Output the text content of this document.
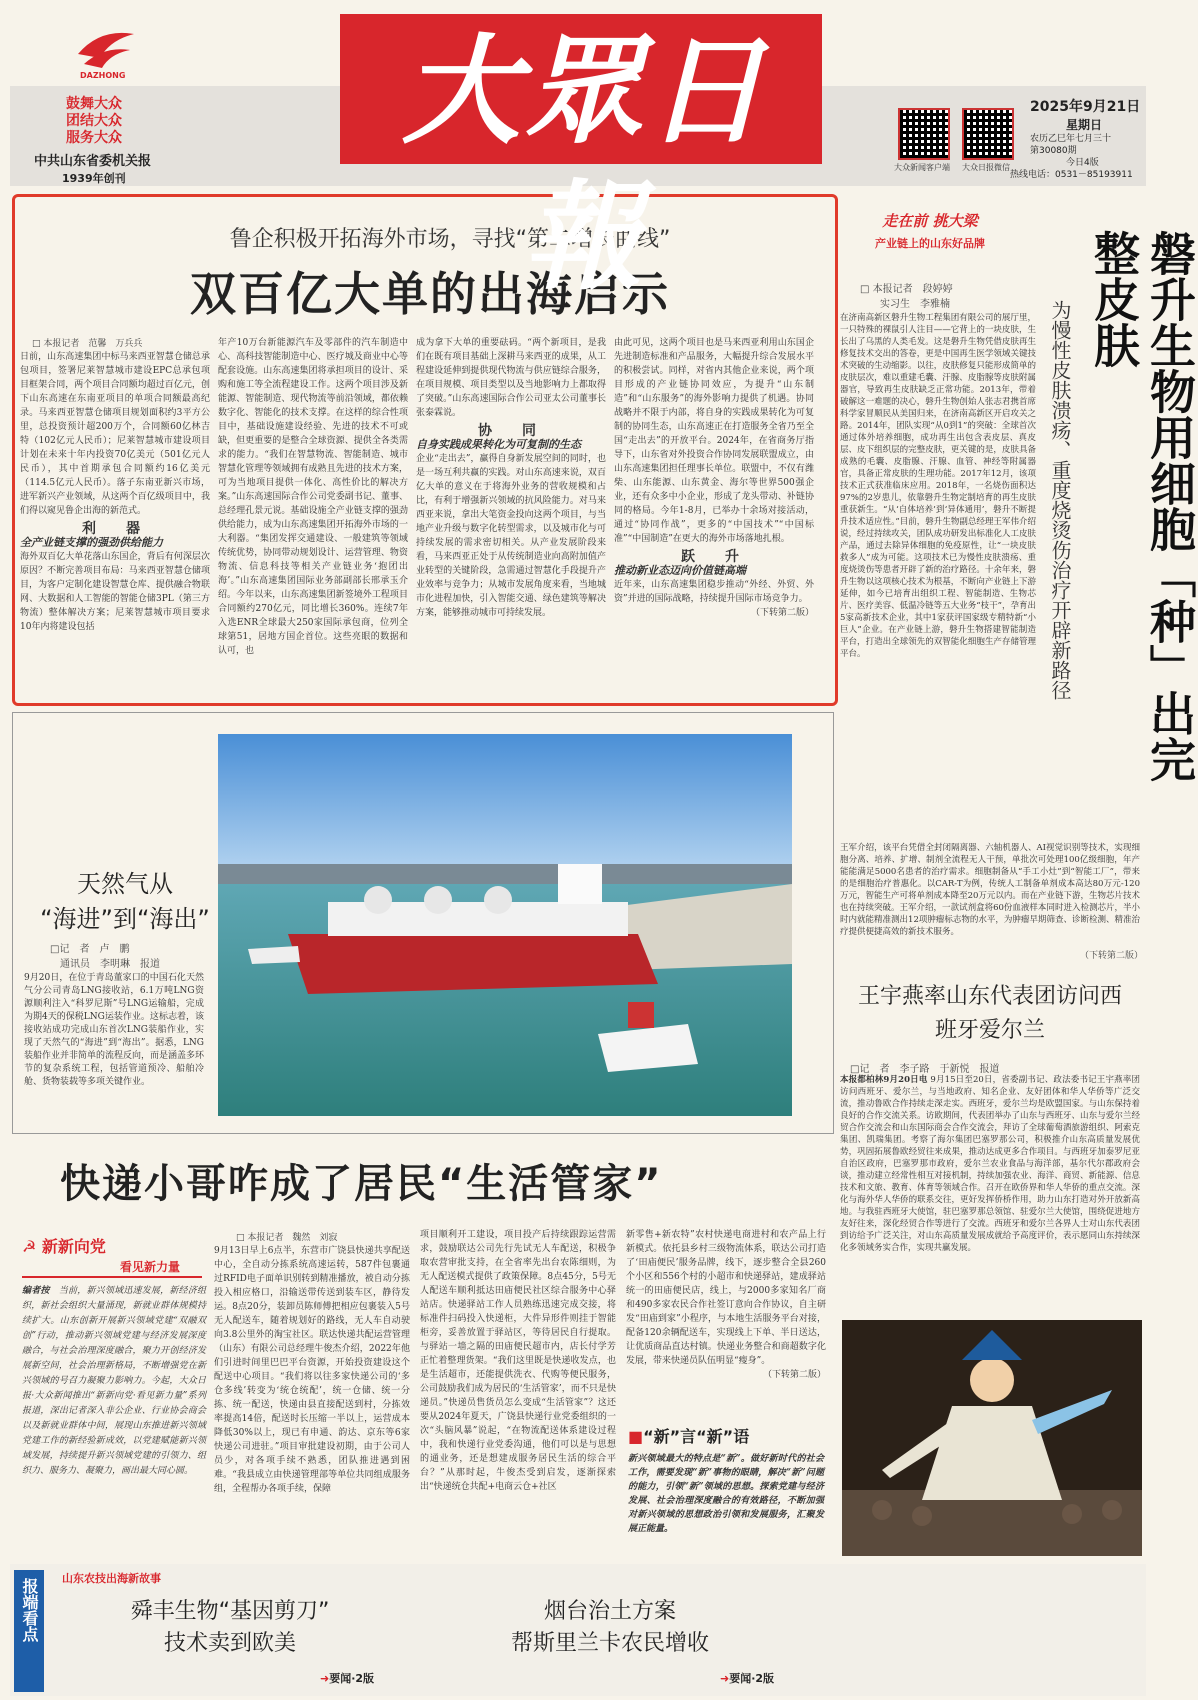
DAZHONG
鼓舞大众
团结大众
服务大众
中共山东省委机关报
1939年创刊
大眾日報	大众新闻客户端	大众日报微信
2025年9月21日
星期日
农历乙巳年七月三十
第30080期
今日4版
热线电话：0531－85193911
鲁企积极开拓海外市场，寻找“第二增长曲线”
双百亿大单的出海启示
□ 本报记者　范馨　万兵兵
日前，山东高速集团中标马来西亚智慧仓储总承包项目，签署尼莱智慧城市建设EPC总承包项目框架合同，两个项目合同额均超过百亿元，创下山东高速在东南亚项目的单项合同额最高纪录。马来西亚智慧仓储项目规划面积约3平方公里，总投资预计超200万个，合同额60亿林吉特（102亿元人民币）；尼莱智慧城市建设项目计划在未来十年内投资70亿美元（501亿元人民币），其中首期承包合同额约16亿美元（114.5亿元人民币）。落子东南亚新兴市场，进军新兴产业领域，从这两个百亿级项目中，我们得以窥见鲁企出海的新范式。
利　器
全产业链支撑的强劲供给能力
海外双百亿大单花落山东国企，背后有何深层次原因？不断完善项目布局：马来西亚智慧仓储项目，为客户定制化建设智慧仓库、提供融合物联网、大数据和人工智能的智能仓储3PL（第三方物流）整体解决方案；尼莱智慧城市项目要求10年内将建设包括
年产10万台新能源汽车及零部件的汽车制造中心、高科技智能制造中心、医疗城及商业中心等配套设施。山东高速集团将承担项目的设计、采购和施工等全流程建设工作。这两个项目涉及新能源、智能制造、现代物流等前沿领域，都依赖数字化、智能化的技术支撑。在这样的综合性项目中，基础设施建设经验、先进的技术不可或缺，但更重要的是整合全球资源、提供全各类需求的能力。“我们在智慧物流、智能制造、城市智慧化管理等领域拥有成熟且先进的技术方案，可为当地项目提供一体化、高性价比的解决方案。”山东高速国际合作公司党委副书记、董事、总经理孔景元说。基础设施全产业链支撑的强劲供给能力，成为山东高速集团开拓海外市场的一大利器。“集团发挥交通建设、一般建筑等领域传统优势，协同带动规划设计、运营管理、物资物流、信息科技等相关产业链业务‘抱团出海’。”山东高速集团国际业务部副部长邢承玉介绍。今年以来，山东高速集团新签境外工程项目合同额约270亿元，同比增长360%。连续7年入选ENR全球最大250家国际承包商，位列全球第51，居地方国企首位。这些亮眼的数据和认可，也
成为拿下大单的重要砝码。“两个新项目，是我们在既有项目基础上深耕马来西亚的成果，从工程建设延伸到提供现代物流与供应链综合服务，在项目规模、项目类型以及当地影响力上都取得了突破。”山东高速国际合作公司亚太公司董事长张泰霖说。
协　同
自身实践成果转化为可复制的生态
企业“走出去”，赢得自身新发展空间的同时，也是一场互利共赢的实践。对山东高速来说，双百亿大单的意义在于将海外业务的营收规模和占比，有利于增强新兴领域的抗风险能力。对马来西亚来说，拿出大笔资金投向这两个项目，与当地产业升级与数字化转型需求，以及城市化与可持续发展的需求密切相关。从产业发展阶段来看，马来西亚正处于从传统制造业向高附加值产业转型的关键阶段，急需通过智慧化手段提升产业效率与竞争力；从城市发展角度来看，当地城市化进程加快，引入智能交通、绿色建筑等解决方案，能够推动城市可持续发展。
由此可见，这两个项目也是马来西亚利用山东国企先进制造标准和产品服务，大幅提升综合发展水平的积极尝试。同样，对省内其他企业来说，两个项目形成的产业链协同效应，为提升“山东制造”和“山东服务”的海外影响力提供了机遇。协同战略并不限于内部，将自身的实践成果转化为可复制的协同生态，山东高速正在打造服务全省乃至全国“走出去”的开放平台。2024年，在省商务厅指导下，山东省对外投资合作协同发展联盟成立，由山东高速集团担任理事长单位。联盟中，不仅有潍柴、山东能源、山东黄金、海尔等世界500强企业，还有众多中小企业，形成了龙头带动、补链协同的格局。今年1-8月，已举办十余场对接活动，通过“协同作战”，更多的“中国技术”“中国标准”“中国制造”在更大的海外市场落地扎根。
跃　升
推动新业态迈向价值链高端
近年来，山东高速集团稳步推动“外经、外贸、外资”并进的国际战略，持续提升国际市场竞争力。
（下转第二版）
走在前 挑大梁
产业链上的山东好品牌
□ 本报记者　段婷婷
　　实习生　李雅楠	磐升生物用细胞「种」出完整皮肤
为慢性皮肤溃疡、重度烧烫伤治疗开辟新路径
在济南高新区磐升生物工程集团有限公司的展厅里，一只特殊的裸鼠引人注目——它背上的一块皮肤，生长出了乌黑的人类毛发。这是磐升生物凭借皮肤再生修复技术交出的答卷，更是中国再生医学领域关键技术突破的生动缩影。以往，皮肤修复只能形成简单的皮肤层次，难以重建毛囊、汗腺、皮脂腺等皮肤附属器官，导致再生皮肤缺乏正常功能。2013年，带着破解这一难题的决心，磐升生物创始人张志君携首席科学家冒顺民从美国归来，在济南高新区开启攻关之路。2014年，团队实现“从0到1”的突破：全球首次通过体外培养细胞，成功再生出包含表皮层、真皮层、皮下组织层的完整皮肤，更关键的是，皮肤具备成熟的毛囊、皮脂腺、汗腺、血管、神经等附属器官，具备正常皮肤的生理功能。2017年12月，该项技术正式获准临床应用。2018年，一名烧伤面积达97%的2岁患儿，依靠磐升生物定制培育的再生皮肤重获新生。“从‘自体培养’到‘异体通用’，磐升不断提升技术适应性。”目前，磐升生物副总经理王军伟介绍说，经过持续攻关，团队成功研发出标准化人工皮肤产品，通过去除异体细胞的免疫原性，让“一块皮肤救多人”成为可能。这项技术已为慢性皮肤溃疡、重度烧烫伤等患者开辟了新的治疗路径。十余年来，磐升生物以这项核心技术为根基，不断向产业链上下游延伸，如今已培育出组织工程、智能制造、生物芯片、医疗美容、低温冷链等五大业务“枝干”，孕育出5家高新技术企业，其中1家获评国家级专精特新“小巨人”企业。在产业链上游，磐升生物搭建智能制造平台，打造出全球领先的双智能化细胞生产存储管理平台。
王军介绍，该平台凭借全封闭隔离器、六轴机器人、AI视觉识别等技术，实现细胞分离、培养、扩增、制剂全流程无人干预，单批次可处理100亿级细胞，年产能能满足5000名患者的治疗需求。细胞制备从“手工小灶”到“智能工厂”，带来的是细胞治疗普惠化。以CAR-T为例，传统人工制备单剂成本高达80万元-120万元，智能生产可将单剂成本降至20万元以内。而在产业链下游，生物芯片技术也在持续突破。王军介绍，一款试剂盒将60份血液样本同时进入检测芯片，半小时内就能精准测出12项肿瘤标志物的水平，为肿瘤早期筛查、诊断检测、精准治疗提供便捷高效的新技术服务。
（下转第二版）
天然气从
“海进”到“海出”
□记　者　卢　鹏
　通讯员　李明琳　报道
9月20日，在位于青岛董家口的中国石化天然气分公司青岛LNG接收站，6.1万吨LNG资源顺利注入“科罗尼斯”号LNG运输船，完成为期4天的保税LNG运装作业。这标志着，该接收站成功完成山东首次LNG装船作业，实现了天然气的“海进”到“海出”。据悉，LNG装船作业并非简单的流程反向，而是涵盖多环节的复杂系统工程，包括管道预冷、船舶冷舱、货物装载等多项关键作业。
王宇燕率山东代表团访问西班牙爱尔兰
□记　者　李子路　于新悦　报道
本报都柏林9月20日电 9月15日至20日，省委副书记、政法委书记王宇燕率团访问西班牙、爱尔兰，与当地政府、知名企业、友好团体和华人华侨等广泛交流，推动鲁欧合作持续走深走实。西班牙，爱尔兰均是欧盟国家。与山东保持着良好的合作交流关系。访欧期间，代表团举办了山东与西班牙、山东与爱尔兰经贸合作交流会和山东国际商会合作交流会，拜访了全球葡萄酒旅游组织、阿索克集团、凯瑞集团。考察了海尔集团巴塞罗那公司，积极推介山东高质量发展优势，巩固拓展鲁欧经贸往来成果，推动达成更多合作项目。与西班牙加泰罗尼亚自治区政府，巴塞罗那市政府，爱尔兰农业食品与海洋部，基尔代尔郡政府会谈，推动建立经常性相互对接机制，持续加强农业、海洋、商贸、新能源、信息技术和文旅、教育、体育等领域合作。召开在欧侨界和华人华侨的重点交流。深化与海外华人华侨的联系交往，更好发挥侨桥作用，助力山东打造对外开放新高地。与我驻西班牙大使馆，驻巴塞罗那总领馆、驻爱尔兰大使馆，围绕促进地方友好往来，深化经贸合作等进行了交流。西班牙和爱尔兰各界人士对山东代表团到访给予广泛关注，对山东高质量发展成就给予高度评价，表示愿同山东持续深化多领域务实合作，实现共赢发展。
快递小哥咋成了居民“生活管家”
□ 本报记者　魏然　刘寂
9月13日早上6点半，东营市广饶县快递共享配送中心，全自动分拣系统高速运转，587件包裹通过RFID电子面单识别转到精准播放，被自动分拣投入相应格口，沿输送带传送到装车区，静待发运。8点20分，装卸员陈师傅把相应包裹装入5号无人配送车，随着规划好的路线，无人车自动驶向3.8公里外的淘宝社区。联达快递共配运营管理（山东）有限公司总经理牛俊杰介绍，2022年他们引进时间里巴巴平台资源，开始投资建设这个配送中心项目。“我们将以往多家快递公司的‘多仓多线’转变为‘统仓统配’，统一仓储、统一分拣、统一配送，快递由县直接配送到村，分拣效率提高14倍，配送时长压缩一半以上，运营成本降低30%以上，现已有申通、韵达、京东等6家快递公司进驻。”项目审批建设初期，由于公司人员少，对各项手续不熟悉，团队推进遇到困难。“我县成立由快递管理部等单位共同组成服务组，全程帮办各项手续，保障
项目顺利开工建设，项目投产后持续跟踪运营需求，鼓励联达公司先行先试无人车配送，积极争取农营审批支持，在全省率先出台农陈细则，为无人配送模式提供了政策保障。8点45分，5号无人配送车顺利抵达田庙便民社区综合服务中心驿站店。快递驿站工作人员熟练迅速完成交接，将标准件扫码投入快递柜，大件异形件则挂于智能柜旁，妥善放置于驿站区，等待居民自行提取。与驿站一墙之隔的田庙便民超市内，店长付学芳正忙着整理货架。“我们这里既是快递收发点，也是生活超市，还能提供洗衣、代购等便民服务，公司鼓励我们成为居民的‘生活管家’，而不只是快递员。”快递员售货员怎么变成“生活管家”？这还要从2024年夏天，广饶县快递行业党委组织的一次“头脑风暴”说起，“在物流配送体系建设过程中，我和快递行业党委沟通，他们可以是与思想的通业务，还是想建成服务居民生活的综合平台？”从那时起，牛俊杰受到启发，逐渐探索出“快递统仓共配+电商云仓+社区
新零售+新农特”农村快递电商进村和农产品上行新模式。依托县乡村三级物流体系，联达公司打造了‘田庙便民’服务品牌，线下，逐步整合全县260个小区和556个村的小超市和快递驿站，建成驿站统一的田庙便民店，线上，与2000多家知名厂商和490多家农民合作社签订意向合作协议，自主研发“田庙到家”小程序，与本地生活服务平台对接，配备120余辆配送车，实现线上下单、半日送达，让优质商品直达村镇。快递业务整合和商超数字化发展，带来快递员队伍明显“瘦身”。
（下转第二版）
■“新”言“新”语
新兴领域最大的特点是“新”。做好新时代的社会工作，需要发现“新”事物的眼睛，解决“新”问题的能力，引领“新”领域的思想。探索党建与经济发展、社会治理深度融合的有效路径，不断加强对新兴领域的思想政治引领和发展服务，汇聚发展正能量。
☭ 新新向党
看见新力量
编者按　 当前，新兴领域迅速发展，新经济组织，新社会组织大量涌现，新就业群体规模持续扩大。山东创新开展新兴领域党建“双融双创”行动，推动新兴领域党建与经济发展深度融合，与社会治理深度融合，聚力开创经济发展新空间，社会治理新格局，不断增强党在新兴领域的号召力凝聚力影响力。今起，大众日报·大众新闻推出“新新向党·看见新力量”系列报道，深出记者深入非公企业、行业协会商会以及新就业群体中间，展现山东推进新兴领域党建工作的新经验新成效，以党建赋能新兴领域发展，持续提升新兴领域党建的引领力、组织力、服务力、凝聚力，画出最大同心圆。
报端看点 山东农技出海新故事
舜丰生物“基因剪刀”
技术卖到欧美
➜要闻·2版
烟台治土方案
帮斯里兰卡农民增收
➜要闻·2版
